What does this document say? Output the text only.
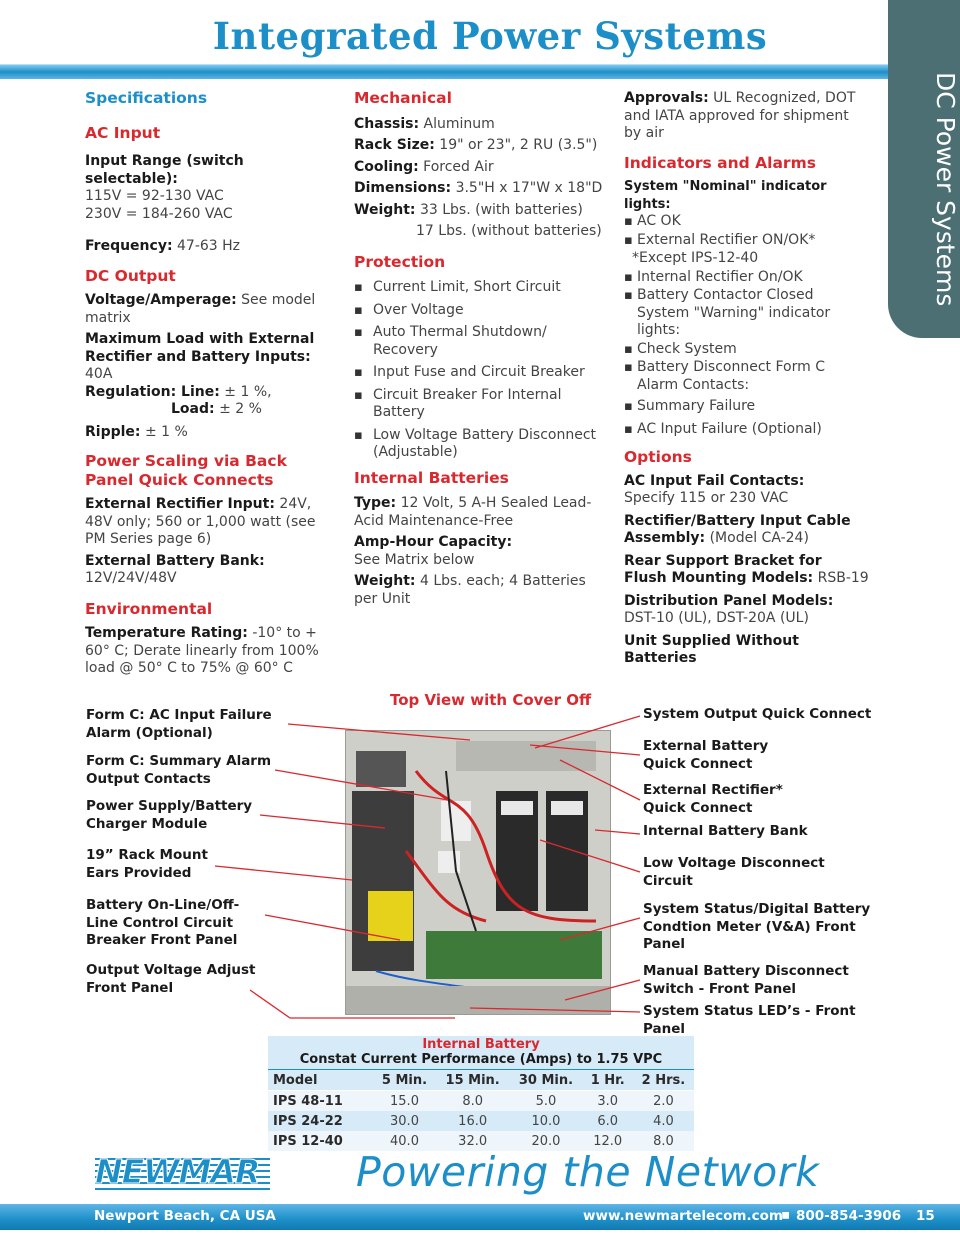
Integrated Power Systems
DC Power Systems

Specifications

AC Input

Input Range (switch selectable):

115V = 92-130 VAC

230V = 184-260 VAC

Frequency: 47-63 Hz

DC Output

Voltage/Amperage: See model matrix

Maximum Load with External Rectifier and Battery Inputs: 40A

Regulation: Line: ± 1 %,

Load: ± 2 %

Ripple: ± 1 %

Power Scaling via Back Panel Quick Connects

External Rectifier Input: 24V, 48V only; 560 or 1,000 watt (see PM Series page 6)

External Battery Bank:

12V/24V/48V

Environmental

Temperature Rating: -10° to + 60° C; Derate linearly from 100% load @ 50° C to 75% @ 60° C

Mechanical

Chassis: Aluminum

Rack Size: 19" or 23", 2 RU (3.5")

Cooling: Forced Air

Dimensions: 3.5"H x 17"W x 18"D

Weight: 33 Lbs. (with batteries)

17 Lbs. (without batteries)

Protection

▪ Current Limit, Short Circuit
▪ Over Voltage
▪ Auto Thermal Shutdown/ Recovery
▪ Input Fuse and Circuit Breaker
▪ Circuit Breaker For Internal Battery
▪ Low Voltage Battery Disconnect (Adjustable)

Internal Batteries

Type: 12 Volt, 5 A-H Sealed Lead-Acid Maintenance-Free

Amp-Hour Capacity:

See Matrix below

Weight: 4 Lbs. each; 4 Batteries per Unit

Approvals: UL Recognized, DOT and IATA approved for shipment by air

Indicators and Alarms

System "Nominal" indicator lights:

▪ AC OK
▪ External Rectifier ON/OK*

*Except IPS-12-40

▪ Internal Rectifier On/OK
▪ Battery Contactor Closed System "Warning" indicator lights:
▪ Check System
▪ Battery Disconnect Form C Alarm Contacts:
▪ Summary Failure
▪ AC Input Failure (Optional)

Options

AC Input Fail Contacts:

Specify 115 or 230 VAC

Rectifier/Battery Input Cable Assembly: (Model CA-24)

Rear Support Bracket for Flush Mounting Models: RSB-19

Distribution Panel Models:

DST-10 (UL), DST-20A (UL)

Unit Supplied Without Batteries

Top View with Cover Off
Form C: AC Input Failure Alarm (Optional)
Form C: Summary Alarm Output Contacts
Power Supply/Battery Charger Module
19” Rack Mount Ears Provided
Battery On-Line/Off-Line Control Circuit Breaker Front Panel
Output Voltage Adjust Front Panel
System Output Quick Connect
External Battery Quick Connect
External Rectifier* Quick Connect
Internal Battery Bank
Low Voltage Disconnect Circuit
System Status/Digital Battery Condtion Meter (V&A) Front Panel
Manual Battery Disconnect Switch - Front Panel
System Status LED’s - Front Panel
Internal Battery
Constat Current Performance (Amps) to 1.75 VPC
Model	5 Min.	15 Min.	30 Min.	1 Hr.	2 Hrs.
IPS 48-11	15.0	8.0	5.0	3.0	2.0
IPS 24-22	30.0	16.0	10.0	6.0	4.0
IPS 12-40	40.0	32.0	20.0	12.0	8.0
NEWMAR Powering the Network
Newport Beach, CA USA	www.newmartelecom.com
▪ 800-854-3906 15
